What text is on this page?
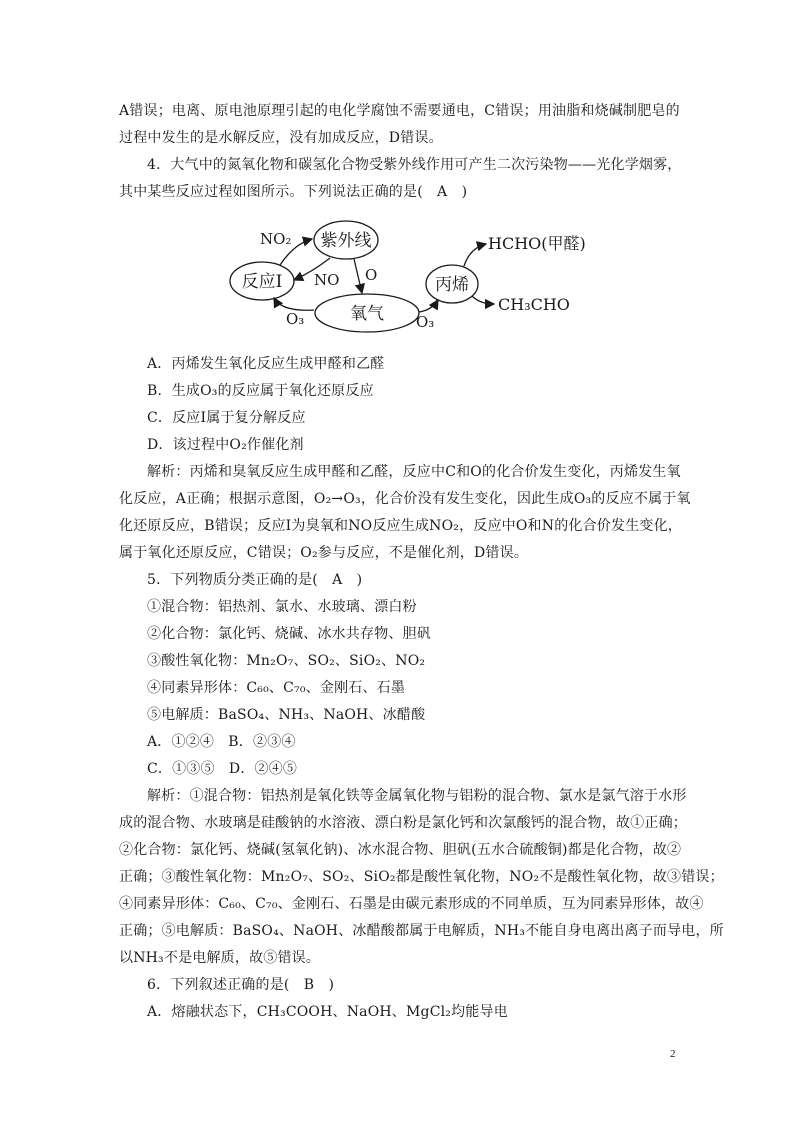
A错误；电离、原电池原理引起的电化学腐蚀不需要通电，C错误；用油脂和烧碱制肥皂的
过程中发生的是水解反应，没有加成反应，D错误。
4．大气中的氮氧化物和碳氢化合物受紫外线作用可产生二次污染物——光化学烟雾，
其中某些反应过程如图所示。下列说法正确的是(　A　)
紫外线
反应Ⅰ
氧气
丙烯
NO₂
NO O
O₃	O₃
HCHO(甲醛)
CH₃CHO
A．丙烯发生氧化反应生成甲醛和乙醛
B．生成O₃的反应属于氧化还原反应
C．反应Ⅰ属于复分解反应
D．该过程中O₂作催化剂
解析：丙烯和臭氧反应生成甲醛和乙醛，反应中C和O的化合价发生变化，丙烯发生氧
化反应，A正确；根据示意图，O₂→O₃，化合价没有发生变化，因此生成O₃的反应不属于氧
化还原反应，B错误；反应Ⅰ为臭氧和NO反应生成NO₂，反应中O和N的化合价发生变化，
属于氧化还原反应，C错误；O₂参与反应，不是催化剂，D错误。
5．下列物质分类正确的是(　A　)
①混合物：铝热剂、氯水、水玻璃、漂白粉
②化合物：氯化钙、烧碱、冰水共存物、胆矾
③酸性氧化物：Mn₂O₇、SO₂、SiO₂、NO₂
④同素异形体：C₆₀、C₇₀、金刚石、石墨
⑤电解质：BaSO₄、NH₃、NaOH、冰醋酸
A．①②④　B．②③④
C．①③⑤　D．②④⑤
解析：①混合物：铝热剂是氧化铁等金属氧化物与铝粉的混合物、氯水是氯气溶于水形
成的混合物、水玻璃是硅酸钠的水溶液、漂白粉是氯化钙和次氯酸钙的混合物，故①正确；
②化合物：氯化钙、烧碱(氢氧化钠)、冰水混合物、胆矾(五水合硫酸铜)都是化合物，故②
正确；③酸性氧化物：Mn₂O₇、SO₂、SiO₂都是酸性氧化物，NO₂不是酸性氧化物，故③错误；
④同素异形体：C₆₀、C₇₀、金刚石、石墨是由碳元素形成的不同单质，互为同素异形体，故④
正确；⑤电解质：BaSO₄、NaOH、冰醋酸都属于电解质，NH₃不能自身电离出离子而导电，所
以NH₃不是电解质，故⑤错误。
6．下列叙述正确的是(　B　)
A．熔融状态下，CH₃COOH、NaOH、MgCl₂均能导电
2
